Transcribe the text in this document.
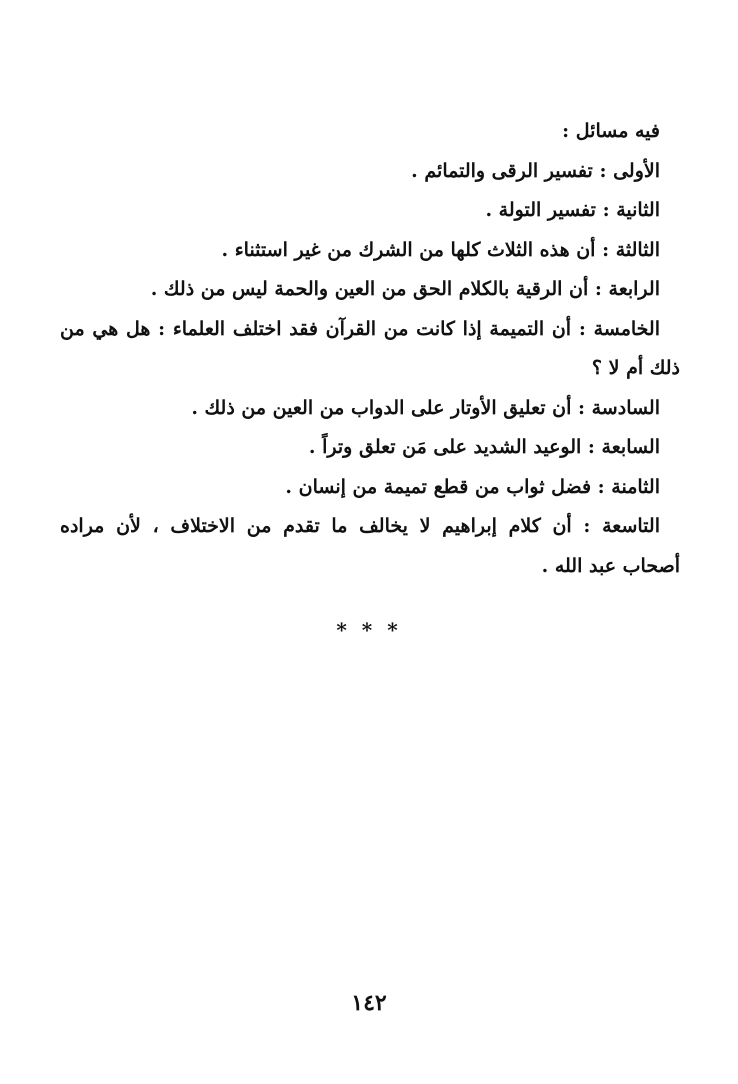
فيه مسائل :
الأولى : تفسير الرقى والتمائم .
الثانية : تفسير التولة .
الثالثة : أن هذه الثلاث كلها من الشرك من غير استثناء .
الرابعة : أن الرقية بالكلام الحق من العين والحمة ليس من ذلك .
الخامسة : أن التميمة إذا كانت من القرآن فقد اختلف العلماء : هل هي من
ذلك أم لا ؟
السادسة : أن تعليق الأوتار على الدواب من العين من ذلك .
السابعة : الوعيد الشديد على مَن تعلق وتراً .
الثامنة : فضل ثواب من قطع تميمة من إنسان .
التاسعة : أن كلام إبراهيم لا يخالف ما تقدم من الاختلاف ، لأن مراده
أصحاب عبد الله .
* * *
١٤٢
